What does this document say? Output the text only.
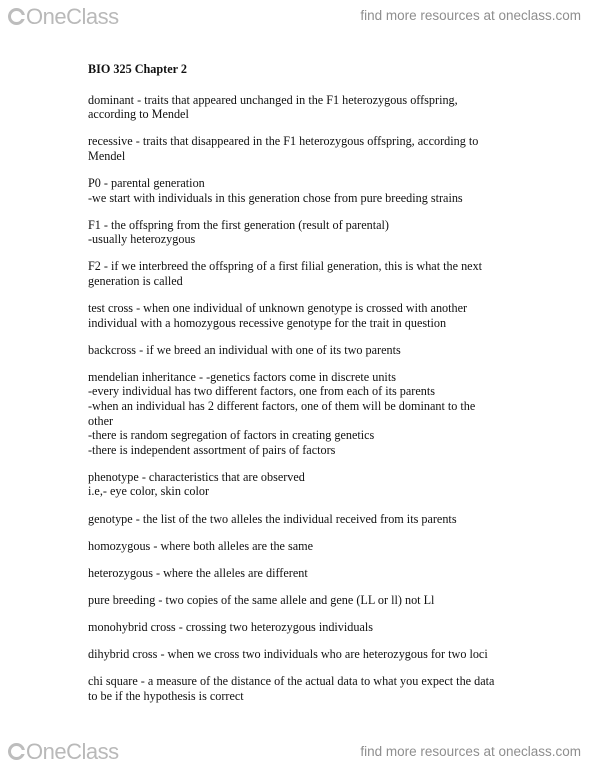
OneClass	find more resources at oneclass.com

BIO 325 Chapter 2

dominant - traits that appeared unchanged in the F1 heterozygous offspring,
according to Mendel

recessive - traits that disappeared in the F1 heterozygous offspring, according to
Mendel

P0 - parental generation
-we start with individuals in this generation chose from pure breeding strains

F1 - the offspring from the first generation (result of parental)
-usually heterozygous

F2 - if we interbreed the offspring of a first filial generation, this is what the next
generation is called

test cross - when one individual of unknown genotype is crossed with another
individual with a homozygous recessive genotype for the trait in question

backcross - if we breed an individual with one of its two parents

mendelian inheritance - -genetics factors come in discrete units
-every individual has two different factors, one from each of its parents
-when an individual has 2 different factors, one of them will be dominant to the
other
-there is random segregation of factors in creating genetics
-there is independent assortment of pairs of factors

phenotype - characteristics that are observed
i.e,- eye color, skin color

genotype - the list of the two alleles the individual received from its parents

homozygous - where both alleles are the same

heterozygous - where the alleles are different

pure breeding - two copies of the same allele and gene (LL or ll) not Ll

monohybrid cross - crossing two heterozygous individuals

dihybrid cross - when we cross two individuals who are heterozygous for two loci

chi square - a measure of the distance of the actual data to what you expect the data
to be if the hypothesis is correct

OneClass	find more resources at oneclass.com
